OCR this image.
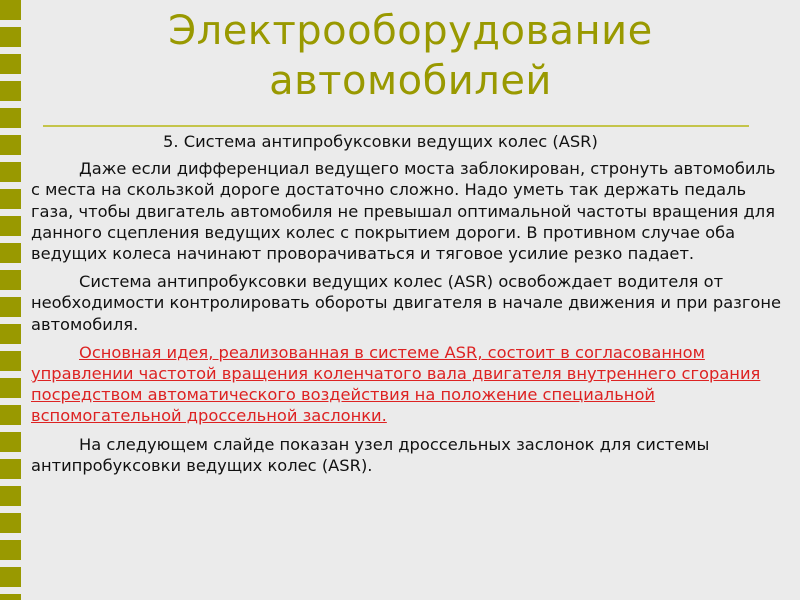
Электрооборудование
автомобилей

5. Система антипробуксовки ведущих колес (ASR)

Даже если дифференциал ведущего моста заблокирован, стронуть автомобиль с места на скользкой дороге достаточно сложно. Надо уметь так держать педаль газа, чтобы двигатель автомобиля не превышал оптимальной частоты вращения для данного сцепления ведущих колес с покрытием дороги. В противном случае оба ведущих колеса начинают проворачиваться и тяговое усилие резко падает.

Система антипробуксовки ведущих колес (ASR) освобождает водителя от необходимости контролировать обороты двигателя в начале движения и при разгоне автомобиля.

Основная идея, реализованная в системе ASR, состоит в согласованном управлении частотой вращения коленчатого вала двигателя внутреннего сгорания посредством автоматического воздействия на положение специальной вспомогательной дроссельной заслонки.

На следующем слайде показан узел дроссельных заслонок для системы антипробуксовки ведущих колес (ASR).
